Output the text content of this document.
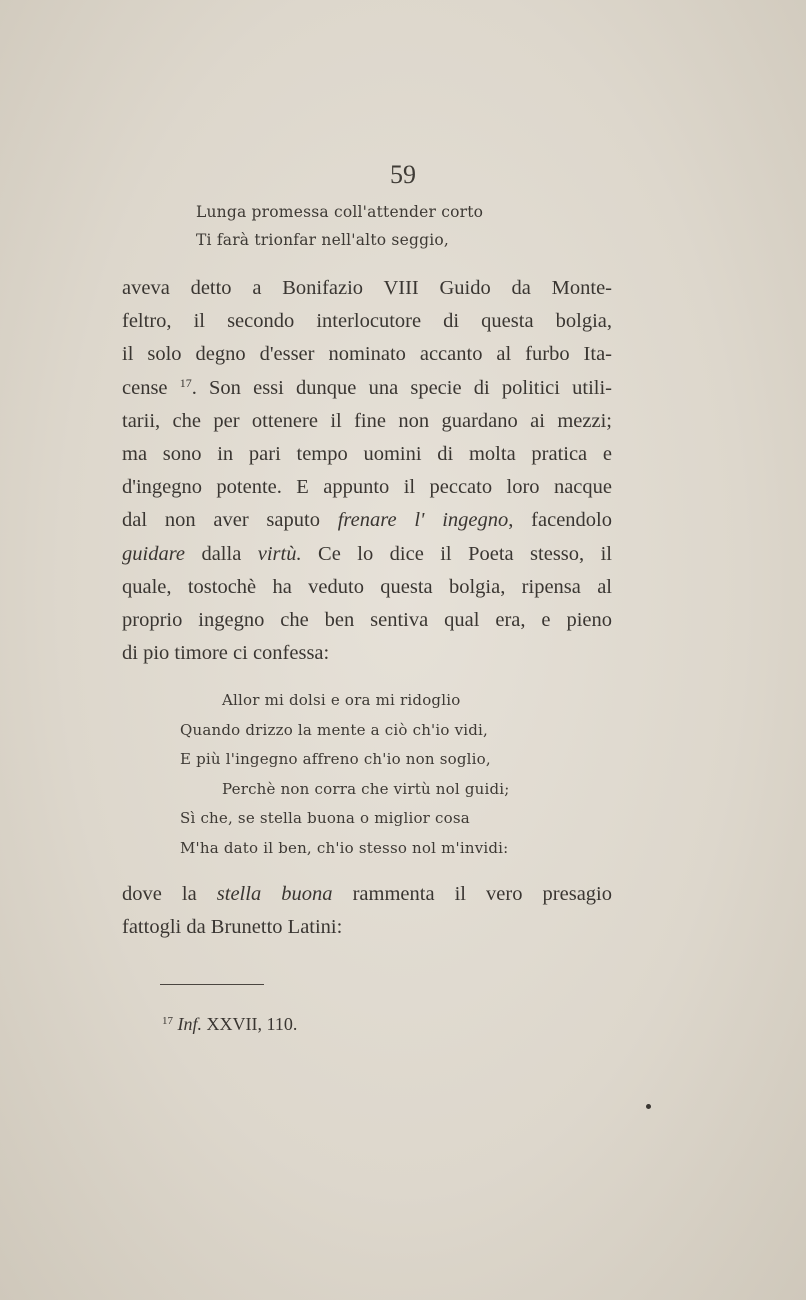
59
Lunga promessa coll'attender corto
Ti farà trionfar nell'alto seggio,
aveva detto a Bonifazio VIII Guido da Monte-
feltro, il secondo interlocutore di questa bolgia,
il solo degno d'esser nominato accanto al furbo Ita-
cense $^{17}$. Son essi dunque una specie di politici utili-
tarii, che per ottenere il fine non guardano ai mezzi;
ma sono in pari tempo uomini di molta pratica e
d'ingegno potente. E appunto il peccato loro nacque
dal non aver saputo frenare l' ingegno, facendolo
guidare dalla virtù. Ce lo dice il Poeta stesso, il
quale, tostochè ha veduto questa bolgia, ripensa al
proprio ingegno che ben sentiva qual era, e pieno
di pio timore ci confessa:
Allor mi dolsi e ora mi ridoglio
Quando drizzo la mente a ciò ch'io vidi,
E più l'ingegno affreno ch'io non soglio,
Perchè non corra che virtù nol guidi;
Sì che, se stella buona o miglior cosa
M'ha dato il ben, ch'io stesso nol m'invidi:
dove la stella buona rammenta il vero presagio
fattogli da Brunetto Latini:
$^{17}$ Inf. XXVII, 110.
